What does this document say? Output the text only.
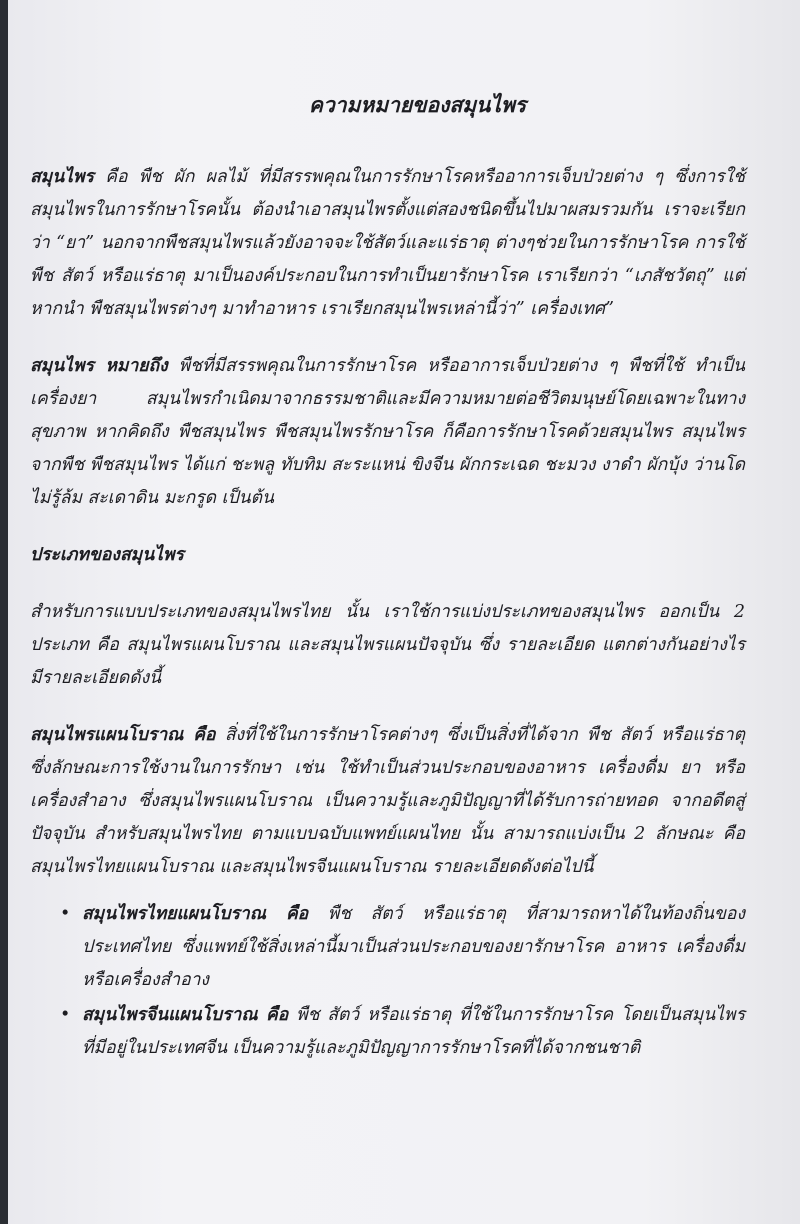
ความหมายของสมุนไพร

สมุนไพร คือ พืช ผัก ผลไม้ ที่มีสรรพคุณในการรักษาโรคหรืออาการเจ็บป่วยต่าง ๆ ซึ่งการใช้สมุนไพรในการรักษาโรคนั้น ต้องนำเอาสมุนไพรตั้งแต่สองชนิดขึ้นไปมาผสมรวมกัน เราจะเรียกว่า “ยา” นอกจากพืชสมุนไพรแล้วยังอาจจะใช้สัตว์และแร่ธาตุ ต่างๆช่วยในการรักษาโรค การใช้ พืช สัตว์ หรือแร่ธาตุ มาเป็นองค์ประกอบในการทำเป็นยารักษาโรค เราเรียกว่า “เภสัชวัตถุ” แต่หากนำ พืชสมุนไพรต่างๆ มาทำอาหาร เราเรียกสมุนไพรเหล่านี้ว่า” เครื่องเทศ”

สมุนไพร หมายถึง พืชที่มีสรรพคุณในการรักษาโรค หรืออาการเจ็บป่วยต่าง ๆ พืชที่ใช้ ทำเป็นเครื่องยา สมุนไพรกำเนิดมาจากธรรมชาติและมีความหมายต่อชีวิตมนุษย์โดยเฉพาะในทางสุขภาพ หากคิดถึง พืชสมุนไพร พืชสมุนไพรรักษาโรค ก็คือการรักษาโรคด้วยสมุนไพร สมุนไพรจากพืช พืชสมุนไพร ได้แก่ ชะพลู ทับทิม สะระแหน่ ขิงจีน ผักกระเฉด ชะมวง งาดำ ผักบุ้ง ว่านโดไม่รู้ล้ม สะเดาดิน มะกรูด เป็นต้น

ประเภทของสมุนไพร

สำหรับการแบบประเภทของสมุนไพรไทย นั้น เราใช้การแบ่งประเภทของสมุนไพร ออกเป็น 2 ประเภท คือ สมุนไพรแผนโบราณ และสมุนไพรแผนปัจจุบัน ซึ่ง รายละเอียด แตกต่างกันอย่างไร มีรายละเอียดดังนี้

สมุนไพรแผนโบราณ คือ สิ่งที่ใช้ในการรักษาโรคต่างๆ ซึ่งเป็นสิ่งที่ได้จาก พืช สัตว์ หรือแร่ธาตุ ซึ่งลักษณะการใช้งานในการรักษา เช่น ใช้ทำเป็นส่วนประกอบของอาหาร เครื่องดื่ม ยา หรือเครื่องสำอาง ซึ่งสมุนไพรแผนโบราณ เป็นความรู้และภูมิปัญญาที่ได้รับการถ่ายทอด จากอดีตสู่ปัจจุบัน สำหรับสมุนไพรไทย ตามแบบฉบับแพทย์แผนไทย นั้น สามารถแบ่งเป็น 2 ลักษณะ คือ สมุนไพรไทยแผนโบราณ และสมุนไพรจีนแผนโบราณ รายละเอียดดังต่อไปนี้

• สมุนไพรไทยแผนโบราณ คือ พืช สัตว์ หรือแร่ธาตุ ที่สามารถหาได้ในท้องถิ่นของประเทศไทย ซึ่งแพทย์ใช้สิ่งเหล่านี้มาเป็นส่วนประกอบของยารักษาโรค อาหาร เครื่องดื่ม หรือเครื่องสำอาง
• สมุนไพรจีนแผนโบราณ คือ พืช สัตว์ หรือแร่ธาตุ ที่ใช้ในการรักษาโรค โดยเป็นสมุนไพร ที่มีอยู่ในประเทศจีน เป็นความรู้และภูมิปัญญาการรักษาโรคที่ได้จากชนชาติ
